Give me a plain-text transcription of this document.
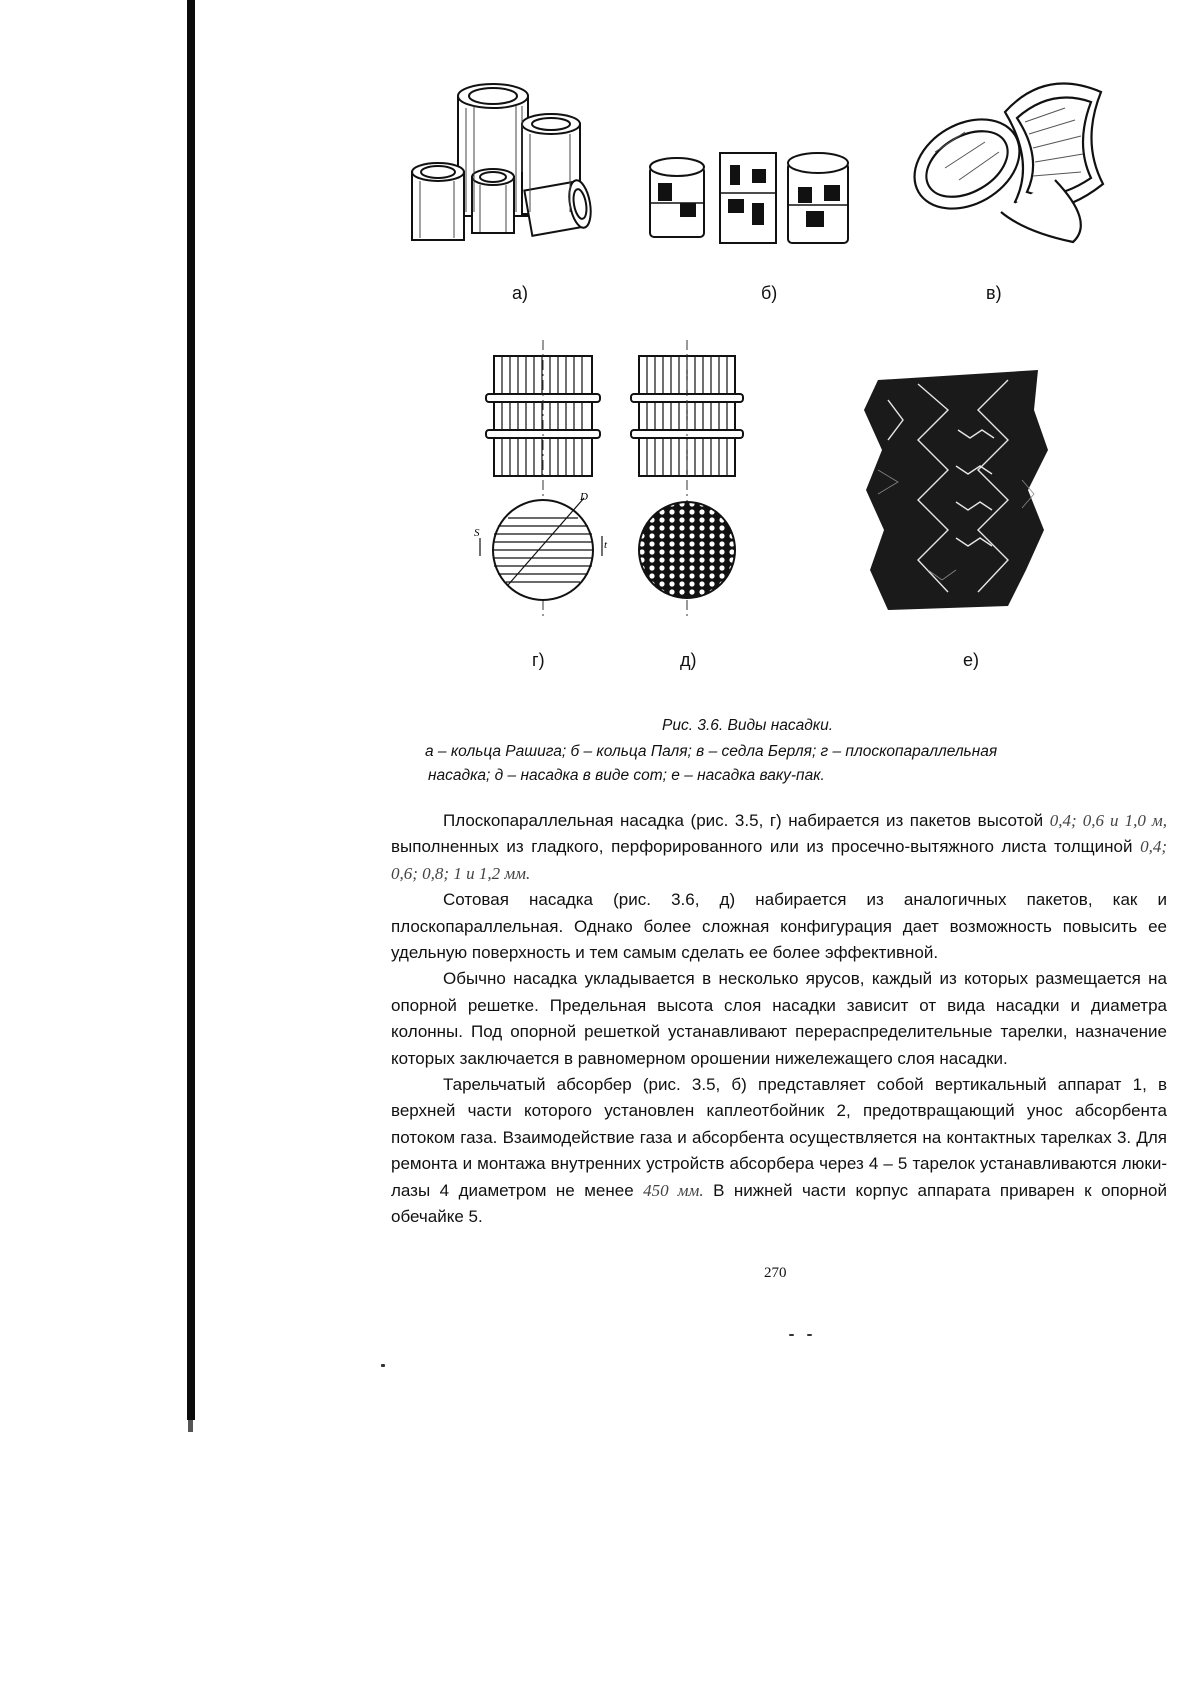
а)	б)	в)
S
D
t
г)	д)	е)
Рис. 3.6. Виды насадки.
а – кольца Рашига; б – кольца Паля; в – седла Берля; г – плоскопараллельная
насадка; д – насадка в виде сот; е – насадка ваку-пак.

Плоскопараллельная насадка (рис. 3.5, г) набирается из пакетов высотой 0,4; 0,6 и 1,0 м, выполненных из гладкого, перфорированного или из просечно-вытяжного листа толщиной 0,4; 0,6; 0,8; 1 и 1,2 мм.

Сотовая насадка (рис. 3.6, д) набирается из аналогичных пакетов, как и плоскопараллельная. Однако более сложная конфигурация дает возможность повысить ее удельную поверхность и тем самым сделать ее более эффективной.

Обычно насадка укладывается в несколько ярусов, каждый из которых размещается на опорной решетке. Предельная высота слоя насадки зависит от вида насадки и диаметра колонны. Под опорной решеткой устанавливают перераспределительные тарелки, назначение которых заключается в равномерном орошении нижележащего слоя насадки.

Тарельчатый абсорбер (рис. 3.5, б) представляет собой вертикальный аппарат 1, в верхней части которого установлен каплеотбойник 2, предотвращающий унос абсорбента потоком газа. Взаимодействие газа и абсорбента осуществляется на контактных тарелках 3. Для ремонта и монтажа внутренних устройств абсорбера через 4 – 5 тарелок устанавливаются люки-лазы 4 диаметром не менее 450 мм. В нижней части корпус аппарата приварен к опорной обечайке 5.

270
